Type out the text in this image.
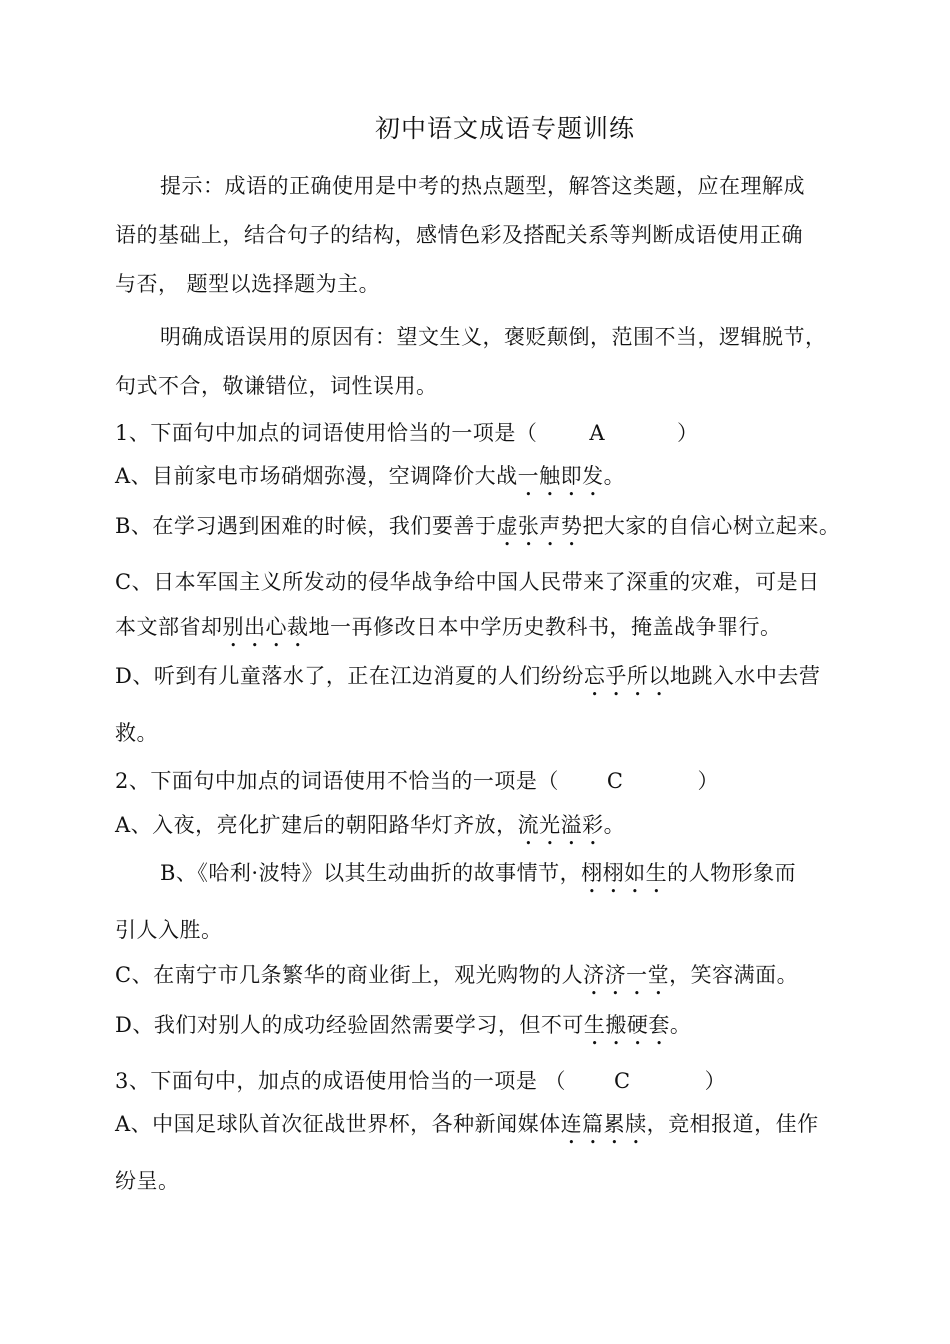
初中语文成语专题训练
提示：成语的正确使用是中考的热点题型，解答这类题，应在理解成
语的基础上，结合句子的结构，感情色彩及搭配关系等判断成语使用正确
与否， 题型以选择题为主。
明确成语误用的原因有：望文生义，褒贬颠倒，范围不当，逻辑脱节，
句式不合，敬谦错位，词性误用。
1、下面句中加点的词语使用恰当的一项是（ A	）
A、目前家电市场硝烟弥漫，空调降价大战一触即发。
B、在学习遇到困难的时候，我们要善于虚张声势把大家的自信心树立起来。
C、日本军国主义所发动的侵华战争给中国人民带来了深重的灾难，可是日
本文部省却别出心裁地一再修改日本中学历史教科书，掩盖战争罪行。
D、听到有儿童落水了，正在江边消夏的人们纷纷忘乎所以地跳入水中去营
救。
2、下面句中加点的词语使用不恰当的一项是（ C	）
A、入夜，亮化扩建后的朝阳路华灯齐放，流光溢彩。
B、《哈利·波特》以其生动曲折的故事情节，栩栩如生的人物形象而
引人入胜。
C、在南宁市几条繁华的商业街上，观光购物的人济济一堂，笑容满面。
D、我们对别人的成功经验固然需要学习，但不可生搬硬套。
3、下面句中，加点的成语使用恰当的一项是 （ C	）
A、中国足球队首次征战世界杯，各种新闻媒体连篇累牍，竞相报道，佳作
纷呈。
